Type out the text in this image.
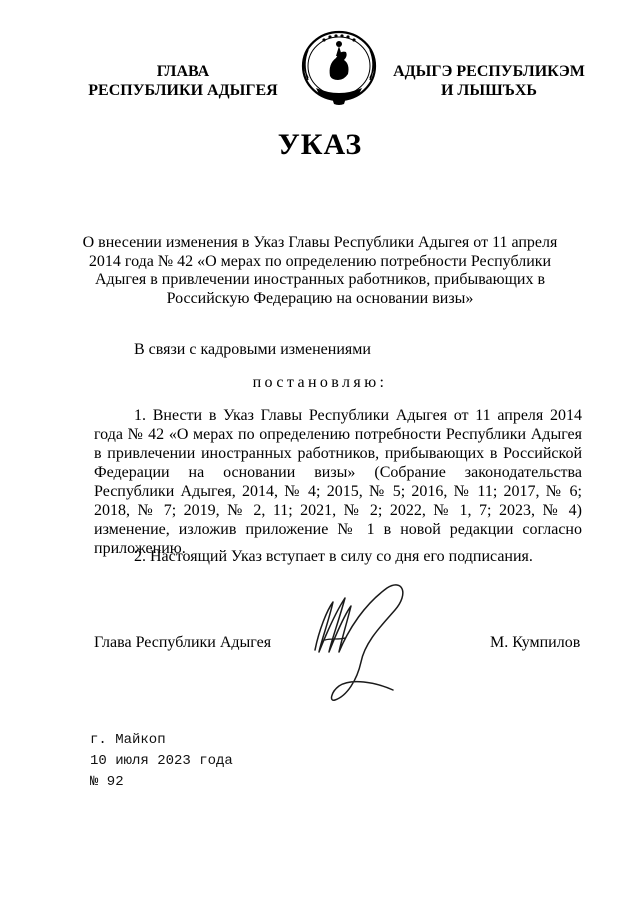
ГЛАВА
РЕСПУБЛИКИ АДЫГЕЯ
АДЫГЭ РЕСПУБЛИКЭМ
И ЛЫШЪХЬ
УКАЗ
О внесении изменения в Указ Главы Республики Адыгея от 11 апреля 2014 года № 42 «О мерах по определению потребности Республики Адыгея в привлечении иностранных работников, прибывающих в Российскую Федерацию на основании визы»
В связи с кадровыми изменениями
постановляю:

1. Внести в Указ Главы Республики Адыгея от 11 апреля 2014 года № 42 «О мерах по определению потребности Республики Адыгея в привлечении иностранных работников, прибывающих в Российской Федерации на основании визы» (Собрание законодательства Республики Адыгея, 2014, № 4; 2015, № 5; 2016, № 11; 2017, № 6; 2018, № 7; 2019, № 2, 11; 2021, № 2; 2022, № 1, 7; 2023, № 4) изменение, изложив приложение № 1 в новой редакции согласно приложению.

2. Настоящий Указ вступает в силу со дня его подписания.
Глава Республики Адыгея	М. Кумпилов
г. Майкоп
10 июля 2023 года
№ 92
